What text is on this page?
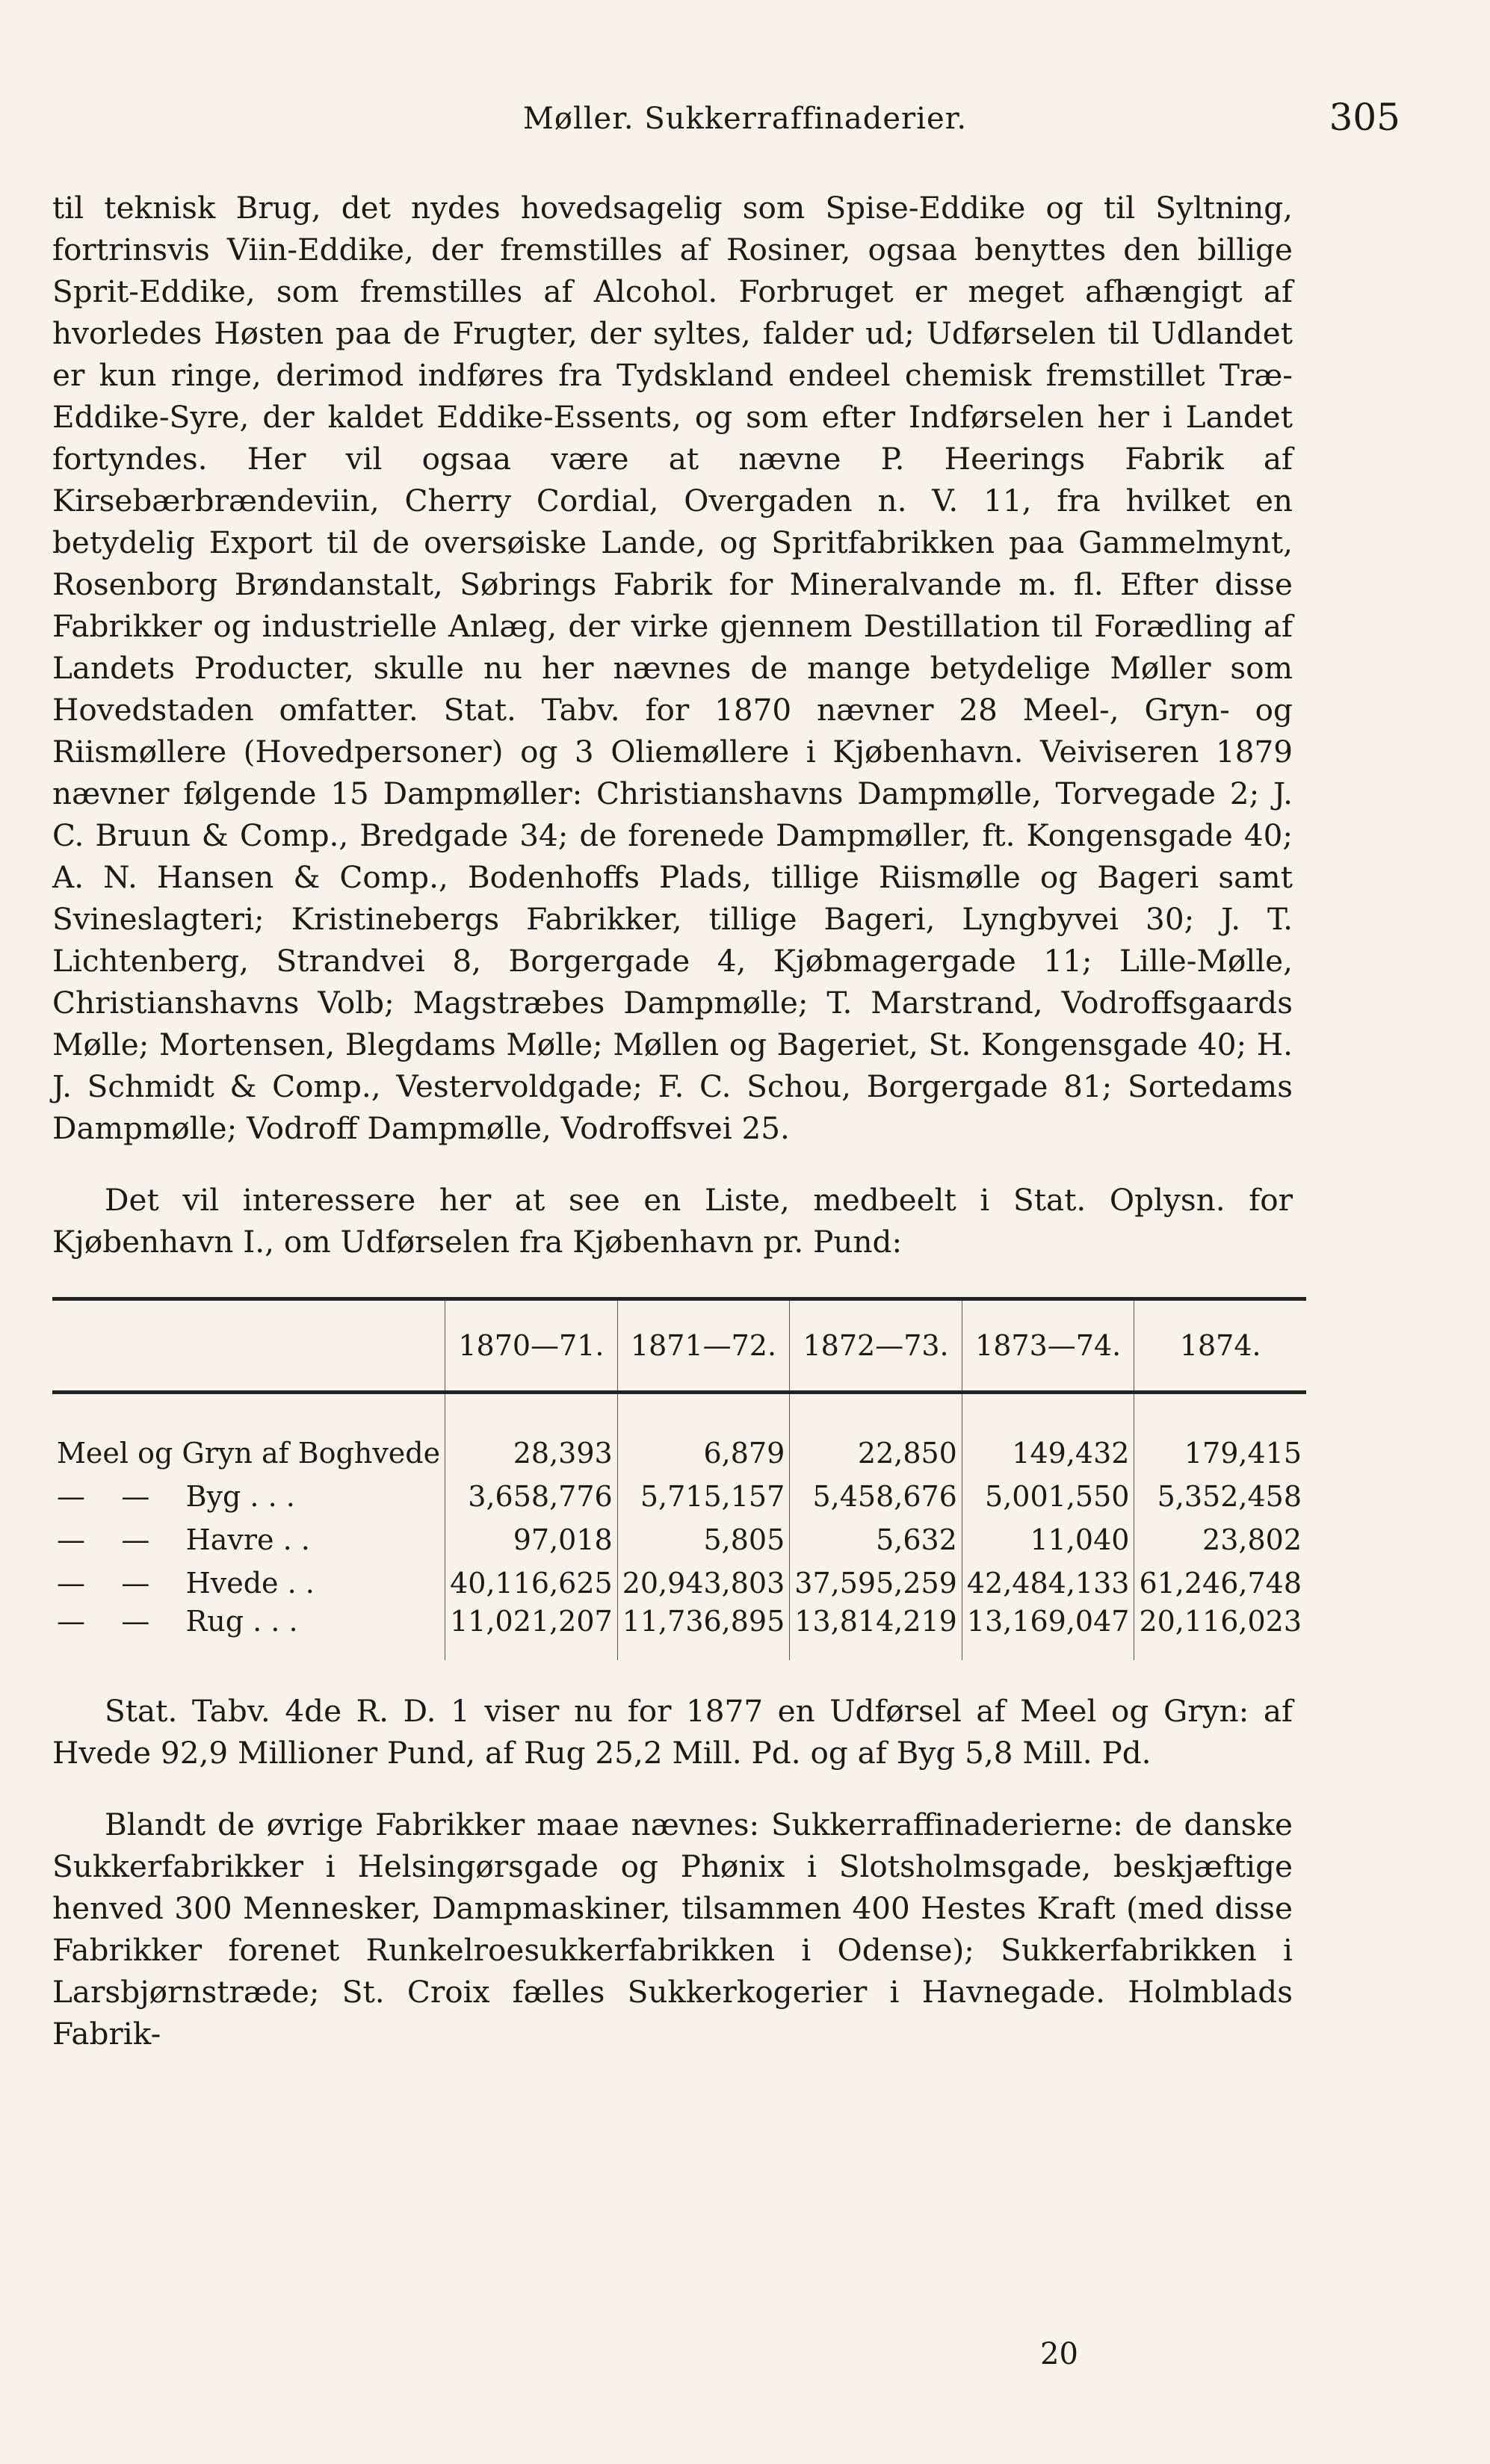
Møller. Sukkerraffinaderier.	305

til teknisk Brug, det nydes hovedsagelig som Spise-Eddike og til Syltning, fortrinsvis Viin-Eddike, der fremstilles af Rosiner, ogsaa benyttes den billige Sprit-Eddike, som fremstilles af Alcohol. Forbruget er meget afhængigt af hvorledes Høsten paa de Frugter, der syltes, falder ud; Udførselen til Udlandet er kun ringe, derimod indføres fra Tydskland endeel chemisk fremstillet Træ-Eddike-Syre, der kaldet Eddike-Essents, og som efter Indførselen her i Landet fortyndes. Her vil ogsaa være at nævne P. Heerings Fabrik af Kirsebærbrændeviin, Cherry Cordial, Overgaden n. V. 11, fra hvilket en betydelig Export til de oversøiske Lande, og Spritfabrikken paa Gammelmynt, Rosenborg Brøndanstalt, Søbrings Fabrik for Mineralvande m. fl. Efter disse Fabrikker og industrielle Anlæg, der virke gjennem Destillation til Forædling af Landets Producter, skulle nu her nævnes de mange betydelige Møller som Hovedstaden omfatter. Stat. Tabv. for 1870 nævner 28 Meel-, Gryn- og Riismøllere (Hovedpersoner) og 3 Oliemøllere i Kjøbenhavn. Veiviseren 1879 nævner følgende 15 Dampmøller: Christianshavns Dampmølle, Torvegade 2; J. C. Bruun & Comp., Bredgade 34; de forenede Dampmøller, ft. Kongensgade 40; A. N. Hansen & Comp., Bodenhoffs Plads, tillige Riismølle og Bageri samt Svineslagteri; Kristinebergs Fabrikker, tillige Bageri, Lyngbyvei 30; J. T. Lichtenberg, Strandvei 8, Borgergade 4, Kjøbmagergade 11; Lille-Mølle, Christianshavns Volb; Magstræbes Dampmølle; T. Marstrand, Vodroffsgaards Mølle; Mortensen, Blegdams Mølle; Møllen og Bageriet, St. Kongensgade 40; H. J. Schmidt & Comp., Vestervoldgade; F. C. Schou, Borgergade 81; Sortedams Dampmølle; Vodroff Dampmølle, Vodroffsvei 25.

Det vil interessere her at see en Liste, medbeelt i Stat. Oplysn. for Kjøbenhavn I., om Udførselen fra Kjøbenhavn pr. Pund:

	1870—71.	1871—72.	1872—73.	1873—74.	1874.
Meel og Gryn af Boghvede	28,393	6,879	22,850	149,432	179,415
—    —    Byg . . .	3,658,776	5,715,157	5,458,676	5,001,550	5,352,458
—    —    Havre . .	97,018	5,805	5,632	11,040	23,802
—    —    Hvede . .	40,116,625	20,943,803	37,595,259	42,484,133	61,246,748
—    —    Rug . . .	11,021,207	11,736,895	13,814,219	13,169,047	20,116,023

Stat. Tabv. 4de R. D. 1 viser nu for 1877 en Udførsel af Meel og Gryn: af Hvede 92,9 Millioner Pund, af Rug 25,2 Mill. Pd. og af Byg 5,8 Mill. Pd.

Blandt de øvrige Fabrikker maae nævnes: Sukkerraffinaderierne: de danske Sukkerfabrikker i Helsingørsgade og Phønix i Slotsholmsgade, beskjæftige henved 300 Mennesker, Dampmaskiner, tilsammen 400 Hestes Kraft (med disse Fabrikker forenet Runkelroesukkerfabrikken i Odense); Sukkerfabrikken i Larsbjørnstræde; St. Croix fælles Sukkerkogerier i Havnegade. Holmblads Fabrik-

20
